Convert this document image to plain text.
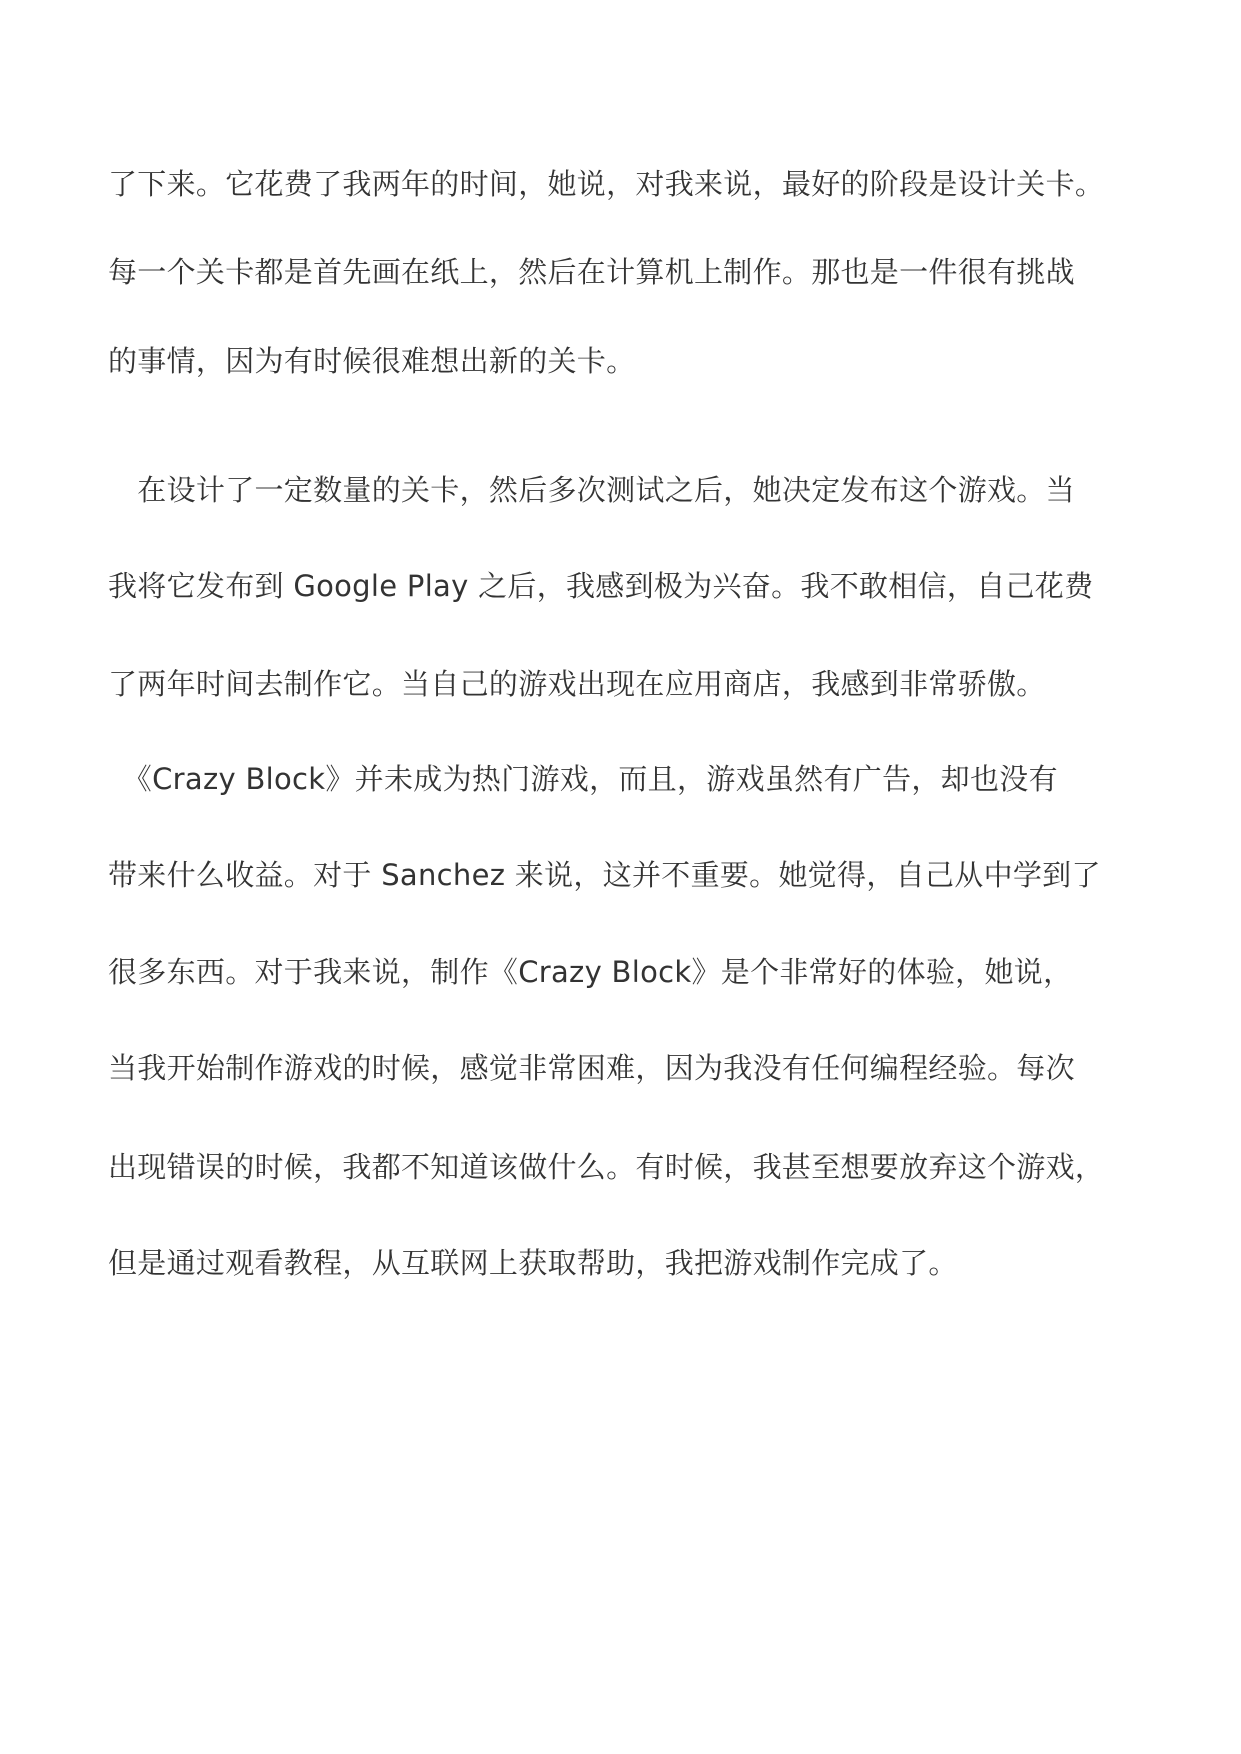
了下来。它花费了我两年的时间，她说，对我来说，最好的阶段是设计关卡。
每一个关卡都是首先画在纸上，然后在计算机上制作。那也是一件很有挑战
的事情，因为有时候很难想出新的关卡。
　在设计了一定数量的关卡，然后多次测试之后，她决定发布这个游戏。当
我将它发布到 Google Play 之后，我感到极为兴奋。我不敢相信，自己花费
了两年时间去制作它。当自己的游戏出现在应用商店，我感到非常骄傲。
　《Crazy Block》并未成为热门游戏，而且，游戏虽然有广告，却也没有
带来什么收益。对于 Sanchez 来说，这并不重要。她觉得，自己从中学到了
很多东西。对于我来说，制作《Crazy Block》是个非常好的体验，她说，
当我开始制作游戏的时候，感觉非常困难，因为我没有任何编程经验。每次
出现错误的时候，我都不知道该做什么。有时候，我甚至想要放弃这个游戏，
但是通过观看教程，从互联网上获取帮助，我把游戏制作完成了。
